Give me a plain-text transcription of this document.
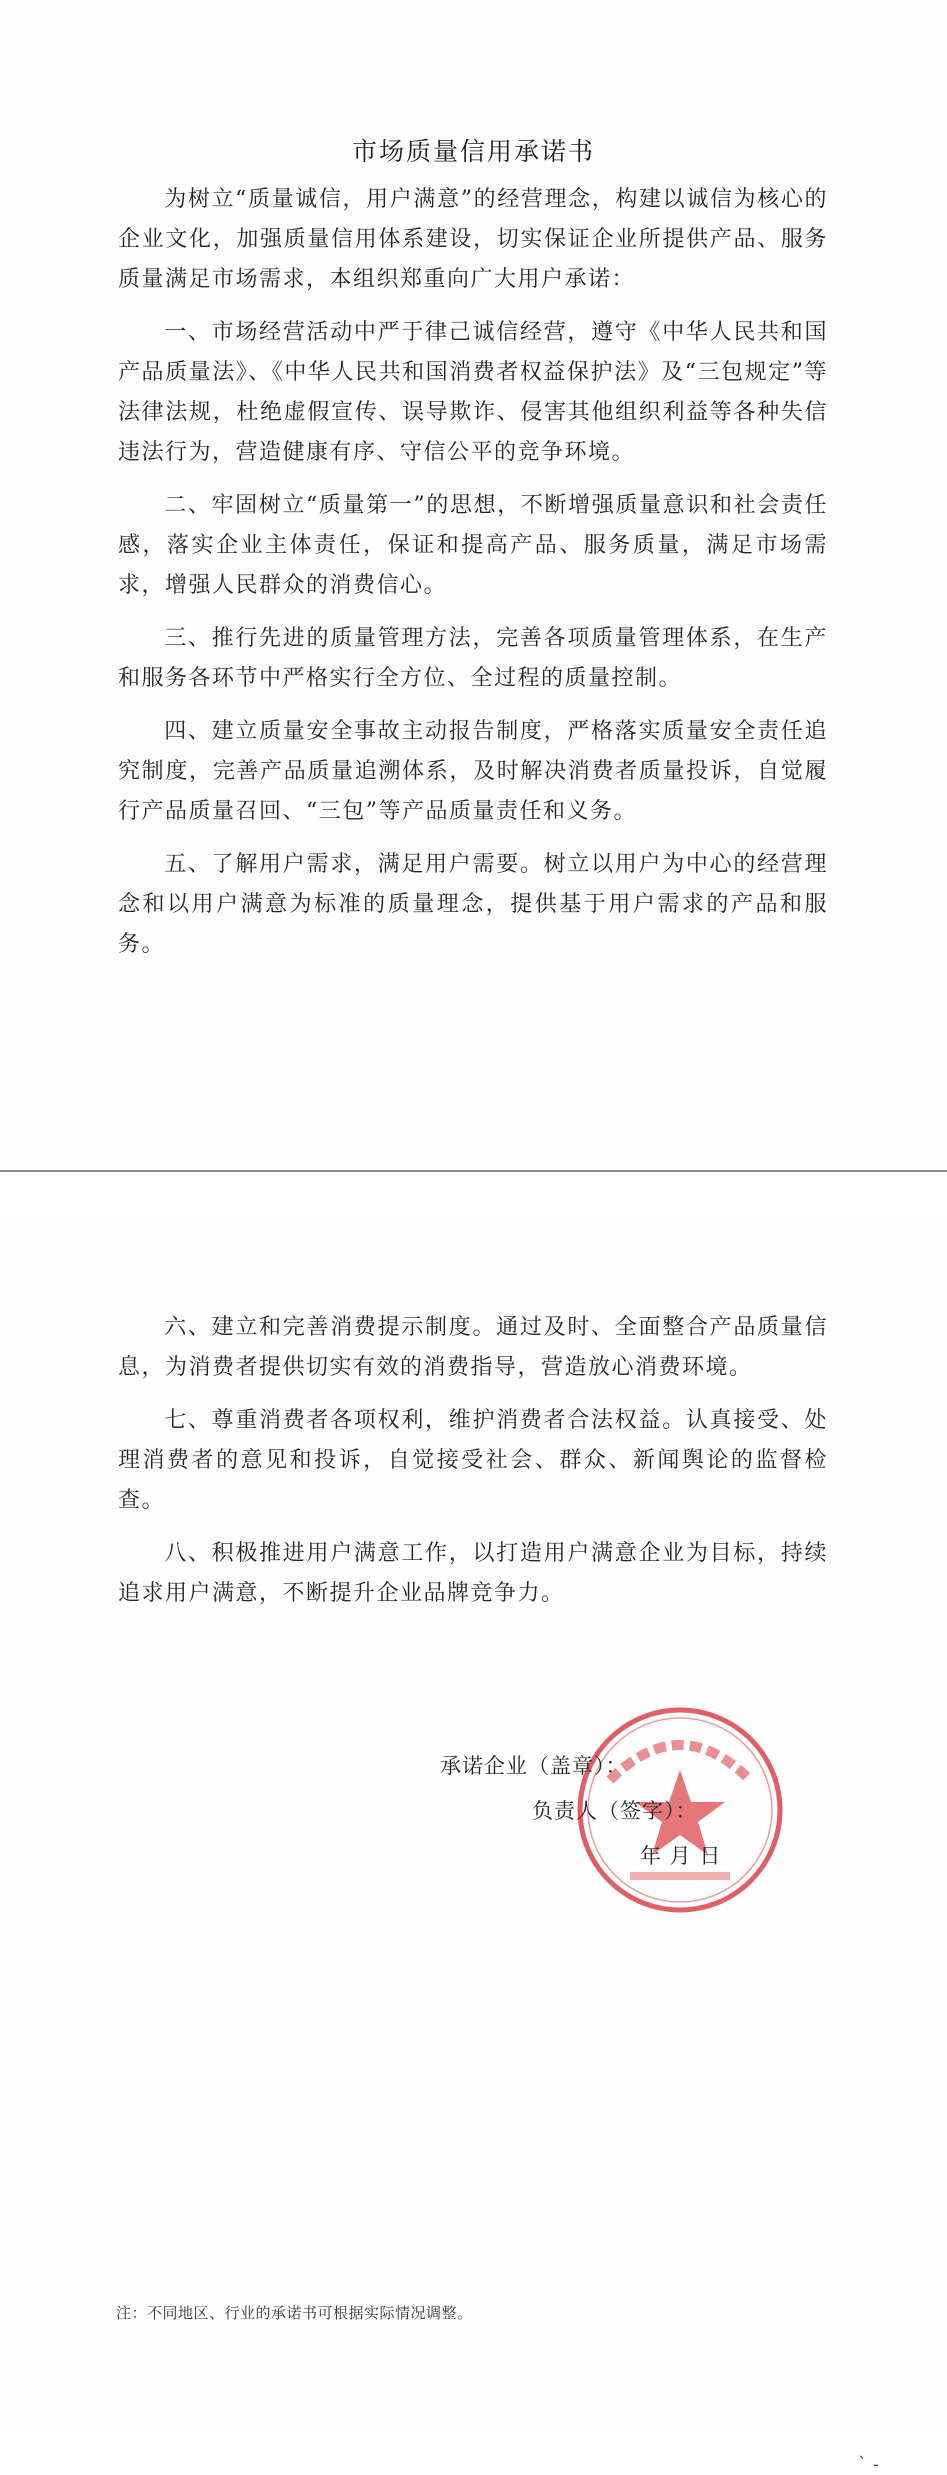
市场质量信用承诺书

为树立“质量诚信，用户满意”的经营理念，构建以诚信为核心的企业文化，加强质量信用体系建设，切实保证企业所提供产品、服务质量满足市场需求，本组织郑重向广大用户承诺：

一、市场经营活动中严于律己诚信经营，遵守《中华人民共和国产品质量法》、《中华人民共和国消费者权益保护法》及“三包规定”等法律法规，杜绝虚假宣传、误导欺诈、侵害其他组织利益等各种失信违法行为，营造健康有序、守信公平的竞争环境。

二、牢固树立“质量第一”的思想，不断增强质量意识和社会责任感，落实企业主体责任，保证和提高产品、服务质量，满足市场需求，增强人民群众的消费信心。

三、推行先进的质量管理方法，完善各项质量管理体系，在生产和服务各环节中严格实行全方位、全过程的质量控制。

四、建立质量安全事故主动报告制度，严格落实质量安全责任追究制度，完善产品质量追溯体系，及时解决消费者质量投诉，自觉履行产品质量召回、“三包”等产品质量责任和义务。

五、了解用户需求，满足用户需要。树立以用户为中心的经营理念和以用户满意为标准的质量理念，提供基于用户需求的产品和服务。

` -

六、建立和完善消费提示制度。通过及时、全面整合产品质量信息，为消费者提供切实有效的消费指导，营造放心消费环境。

七、尊重消费者各项权利，维护消费者合法权益。认真接受、处理消费者的意见和投诉，自觉接受社会、群众、新闻舆论的监督检查。

八、积极推进用户满意工作，以打造用户满意企业为目标，持续追求用户满意，不断提升企业品牌竞争力。

承诺企业（盖章）：
负责人（签字）：
年 月 日
注：不同地区、行业的承诺书可根据实际情况调整。
